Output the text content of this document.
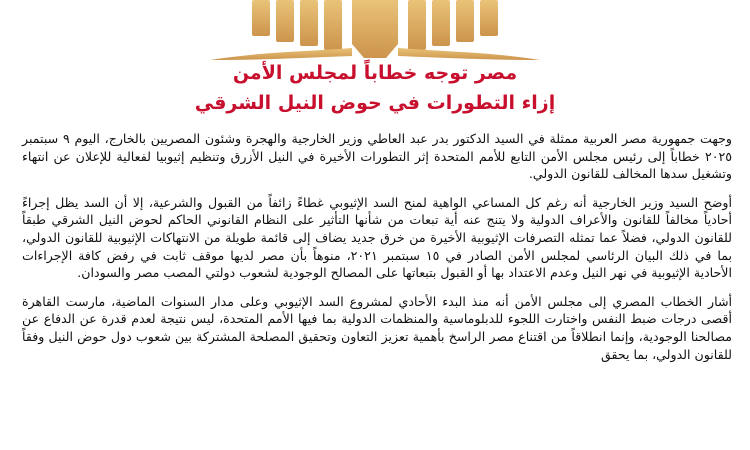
مصر توجه خطاباً لمجلس الأمن

إزاء التطورات في حوض النيل الشرقي

وجهت جمهورية مصر العربية ممثلة في السيد الدكتور بدر عبد العاطي وزير الخارجية والهجرة وشئون المصريين بالخارج، اليوم ٩ سبتمبر ٢٠٢٥ خطاباً إلى رئيس مجلس الأمن التابع للأمم المتحدة إثر التطورات الأخيرة في النيل الأزرق وتنظيم إثيوبيا لفعالية للإعلان عن انتهاء وتشغيل سدها المخالف للقانون الدولي.

أوضح السيد وزير الخارجية أنه رغم كل المساعي الواهية لمنح السد الإثيوبي غطاءً زائفاً من القبول والشرعية، إلا أن السد يظل إجراءً أحادياً مخالفاً للقانون والأعراف الدولية ولا يتنج عنه أية تبعات من شأنها التأثير على النظام القانوني الحاكم لحوض النيل الشرقي طبقاً للقانون الدولي، فضلاً عما تمثله التصرفات الإثيوبية الأخيرة من خرق جديد يضاف إلى قائمة طويلة من الانتهاكات الإثيوبية للقانون الدولي، بما في ذلك البيان الرئاسي لمجلس الأمن الصادر في ١٥ سبتمبر ٢٠٢١، منوهاً بأن مصر لديها موقف ثابت في رفض كافة الإجراءات الأحادية الإثيوبية في نهر النيل وعدم الاعتداد بها أو القبول بتبعاتها على المصالح الوجودية لشعوب دولتي المصب مصر والسودان.

أشار الخطاب المصري إلى مجلس الأمن أنه منذ البدء الأحادي لمشروع السد الإثيوبي وعلى مدار السنوات الماضية، مارست القاهرة أقصى درجات ضبط النفس واختارت اللجوء للدبلوماسية والمنظمات الدولية بما فيها الأمم المتحدة، ليس نتيجة لعدم قدرة عن الدفاع عن مصالحنا الوجودية، وإنما انطلاقاً من اقتناع مصر الراسخ بأهمية تعزيز التعاون وتحقيق المصلحة المشتركة بين شعوب دول حوض النيل وفقاً للقانون الدولي، بما يحقق
